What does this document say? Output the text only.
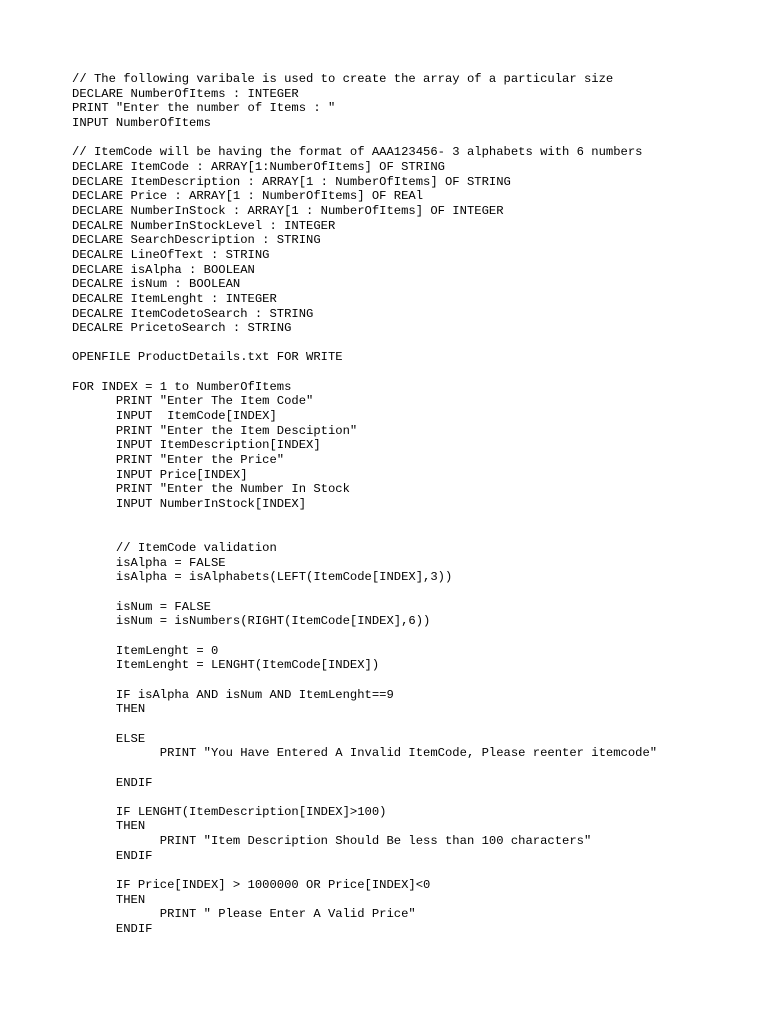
// The following varibale is used to create the array of a particular size
DECLARE NumberOfItems : INTEGER
PRINT "Enter the number of Items : "
INPUT NumberOfItems
// ItemCode will be having the format of AAA123456- 3 alphabets with 6 numbers
DECLARE ItemCode : ARRAY[1:NumberOfItems] OF STRING
DECLARE ItemDescription : ARRAY[1 : NumberOfItems] OF STRING
DECLARE Price : ARRAY[1 : NumberOfItems] OF REAl
DECLARE NumberInStock : ARRAY[1 : NumberOfItems] OF INTEGER
DECALRE NumberInStockLevel : INTEGER
DECLARE SearchDescription : STRING
DECALRE LineOfText : STRING
DECLARE isAlpha : BOOLEAN
DECALRE isNum : BOOLEAN
DECALRE ItemLenght : INTEGER
DECALRE ItemCodetoSearch : STRING
DECALRE PricetoSearch : STRING
OPENFILE ProductDetails.txt FOR WRITE
FOR INDEX = 1 to NumberOfItems
PRINT "Enter The Item Code"
INPUT  ItemCode[INDEX]
PRINT "Enter the Item Desciption"
INPUT ItemDescription[INDEX]
PRINT "Enter the Price"
INPUT Price[INDEX]
PRINT "Enter the Number In Stock
INPUT NumberInStock[INDEX]
// ItemCode validation
isAlpha = FALSE
isAlpha = isAlphabets(LEFT(ItemCode[INDEX],3))
isNum = FALSE
isNum = isNumbers(RIGHT(ItemCode[INDEX],6))
ItemLenght = 0
ItemLenght = LENGHT(ItemCode[INDEX])
IF isAlpha AND isNum AND ItemLenght==9
THEN
ELSE
PRINT "You Have Entered A Invalid ItemCode, Please reenter itemcode"
ENDIF
IF LENGHT(ItemDescription[INDEX]>100)
THEN
PRINT "Item Description Should Be less than 100 characters"
ENDIF
IF Price[INDEX] > 1000000 OR Price[INDEX]<0
THEN
PRINT " Please Enter A Valid Price"
ENDIF
